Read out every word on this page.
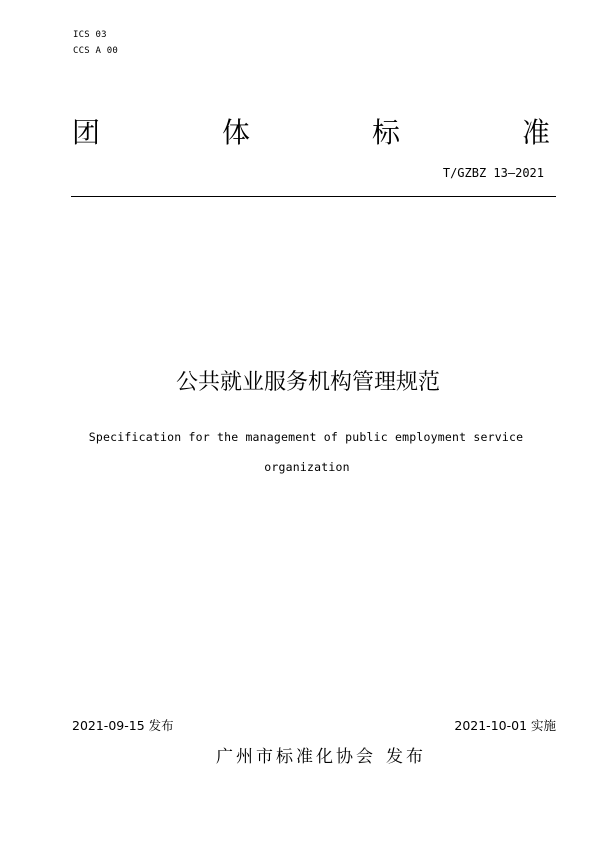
ICS 03
CCS A 00
团	体	标	准
T/GZBZ 13—2021
公共就业服务机构管理规范
Specification for the management of public employment service
organization
2021-09-15 发布	2021-10-01 实施
广州市标准化协会 发布
